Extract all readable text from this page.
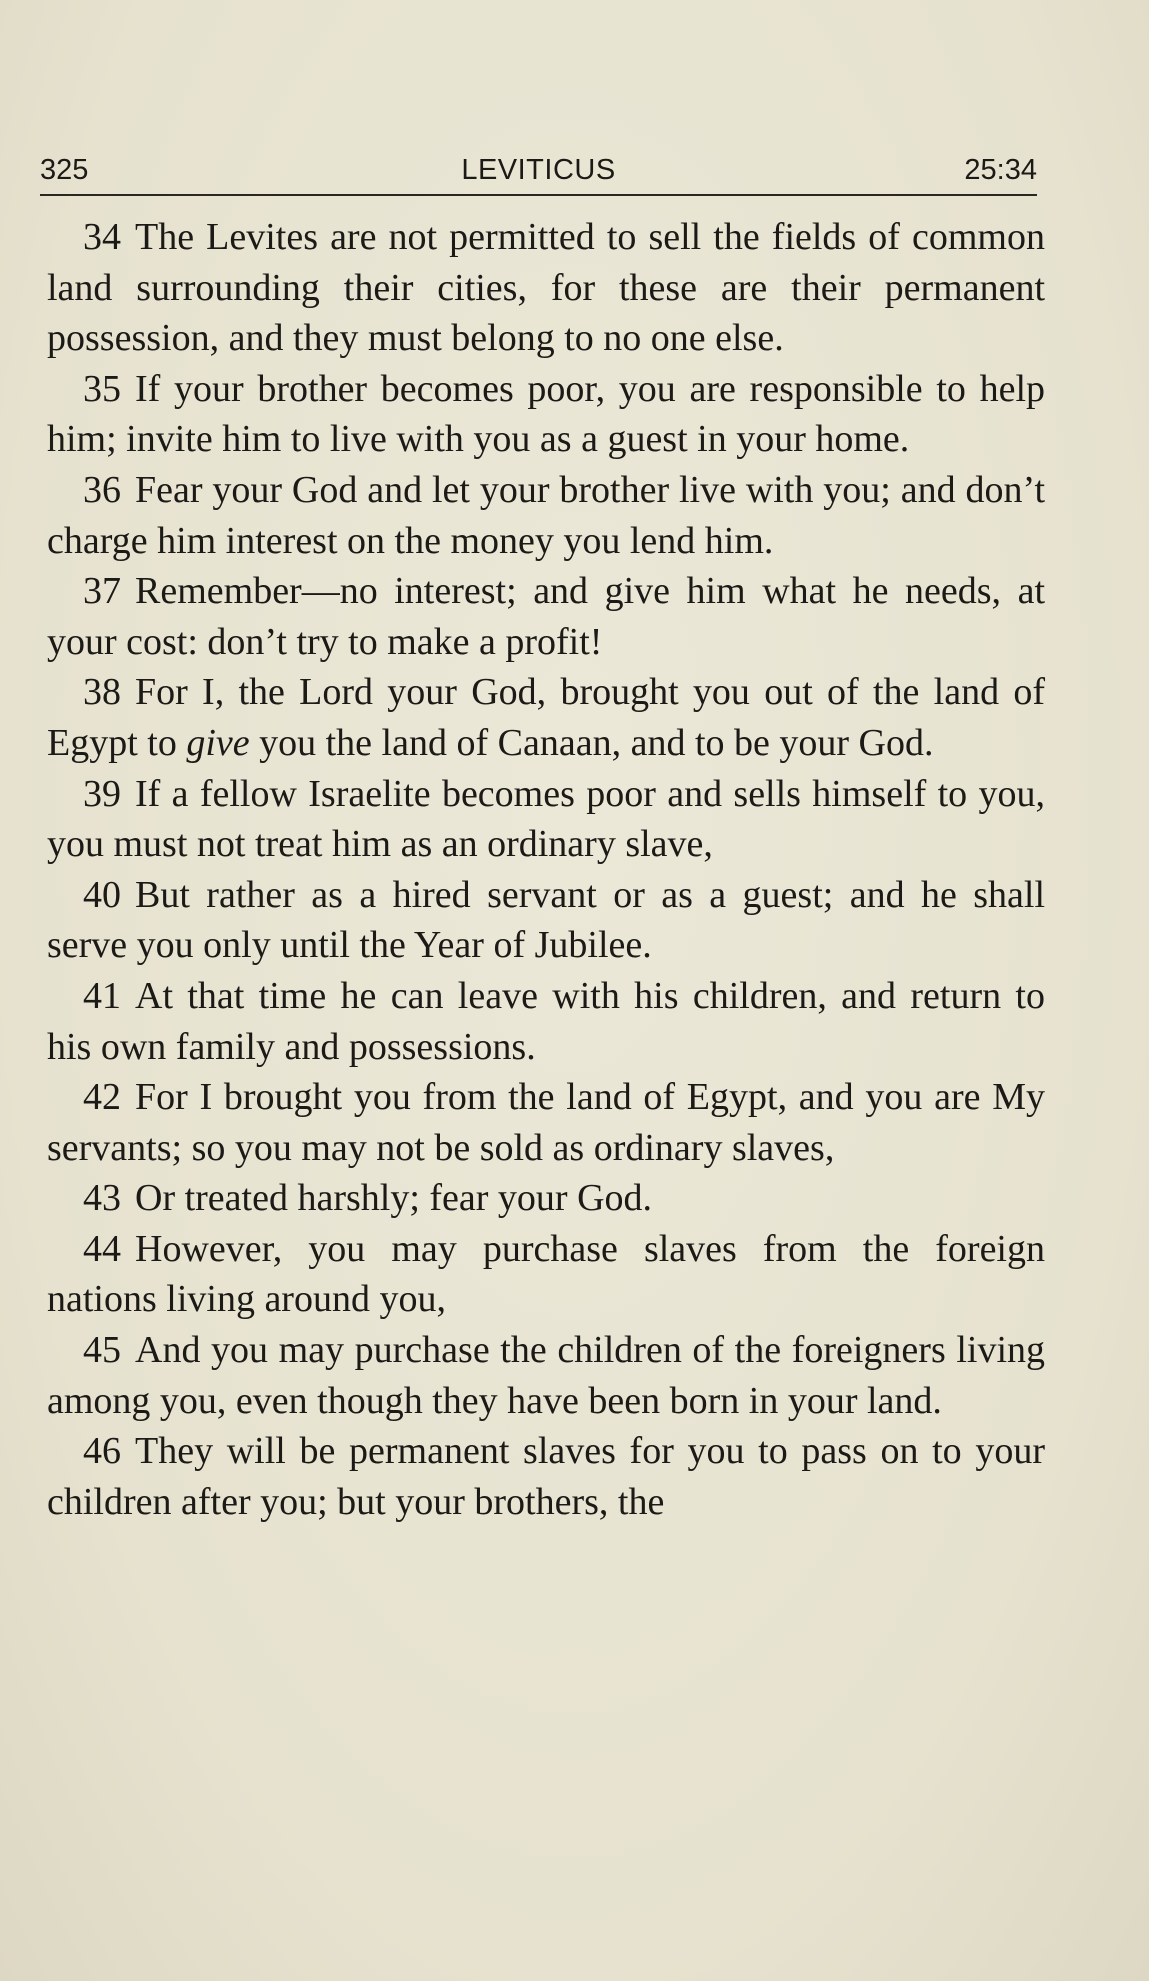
325	LEVITICUS	25:34

34 The Levites are not permitted to sell the fields of common land surrounding their cities, for these are their permanent possession, and they must belong to no one else.

35 If your brother becomes poor, you are responsible to help him; invite him to live with you as a guest in your home.

36 Fear your God and let your brother live with you; and don’t charge him interest on the money you lend him.

37 Remember—no interest; and give him what he needs, at your cost: don’t try to make a profit!

38 For I, the Lord your God, brought you out of the land of Egypt to give you the land of Canaan, and to be your God.

39 If a fellow Israelite becomes poor and sells himself to you, you must not treat him as an ordinary slave,

40 But rather as a hired servant or as a guest; and he shall serve you only until the Year of Jubilee.

41 At that time he can leave with his children, and return to his own family and possessions.

42 For I brought you from the land of Egypt, and you are My servants; so you may not be sold as ordinary slaves,

43 Or treated harshly; fear your God.

44 However, you may purchase slaves from the foreign nations living around you,

45 And you may purchase the children of the foreigners living among you, even though they have been born in your land.

46 They will be permanent slaves for you to pass on to your children after you; but your brothers, the
